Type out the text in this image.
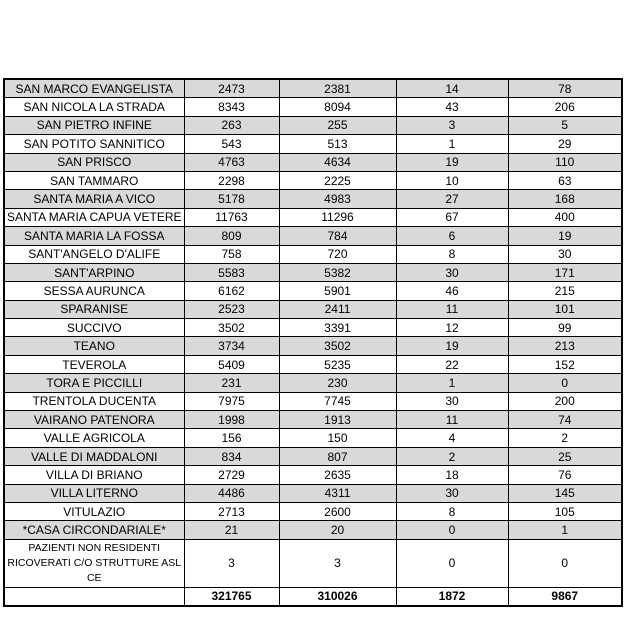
SAN MARCO EVANGELISTA	2473	2381	14	78
SAN NICOLA LA STRADA	8343	8094	43	206
SAN PIETRO INFINE	263	255	3	5
SAN POTITO SANNITICO	543	513	1	29
SAN PRISCO	4763	4634	19	110
SAN TAMMARO	2298	2225	10	63
SANTA MARIA A VICO	5178	4983	27	168
SANTA MARIA CAPUA VETERE	11763	11296	67	400
SANTA MARIA LA FOSSA	809	784	6	19
SANT'ANGELO D'ALIFE	758	720	8	30
SANT'ARPINO	5583	5382	30	171
SESSA AURUNCA	6162	5901	46	215
SPARANISE	2523	2411	11	101
SUCCIVO	3502	3391	12	99
TEANO	3734	3502	19	213
TEVEROLA	5409	5235	22	152
TORA E PICCILLI	231	230	1	0
TRENTOLA DUCENTA	7975	7745	30	200
VAIRANO PATENORA	1998	1913	11	74
VALLE AGRICOLA	156	150	4	2
VALLE DI MADDALONI	834	807	2	25
VILLA DI BRIANO	2729	2635	18	76
VILLA LITERNO	4486	4311	30	145
VITULAZIO	2713	2600	8	105
*CASA CIRCONDARIALE*	21	20	0	1
PAZIENTI NON RESIDENTI RICOVERATI C/O STRUTTURE ASL CE	3	3	0	0
	321765	310026	1872	9867
